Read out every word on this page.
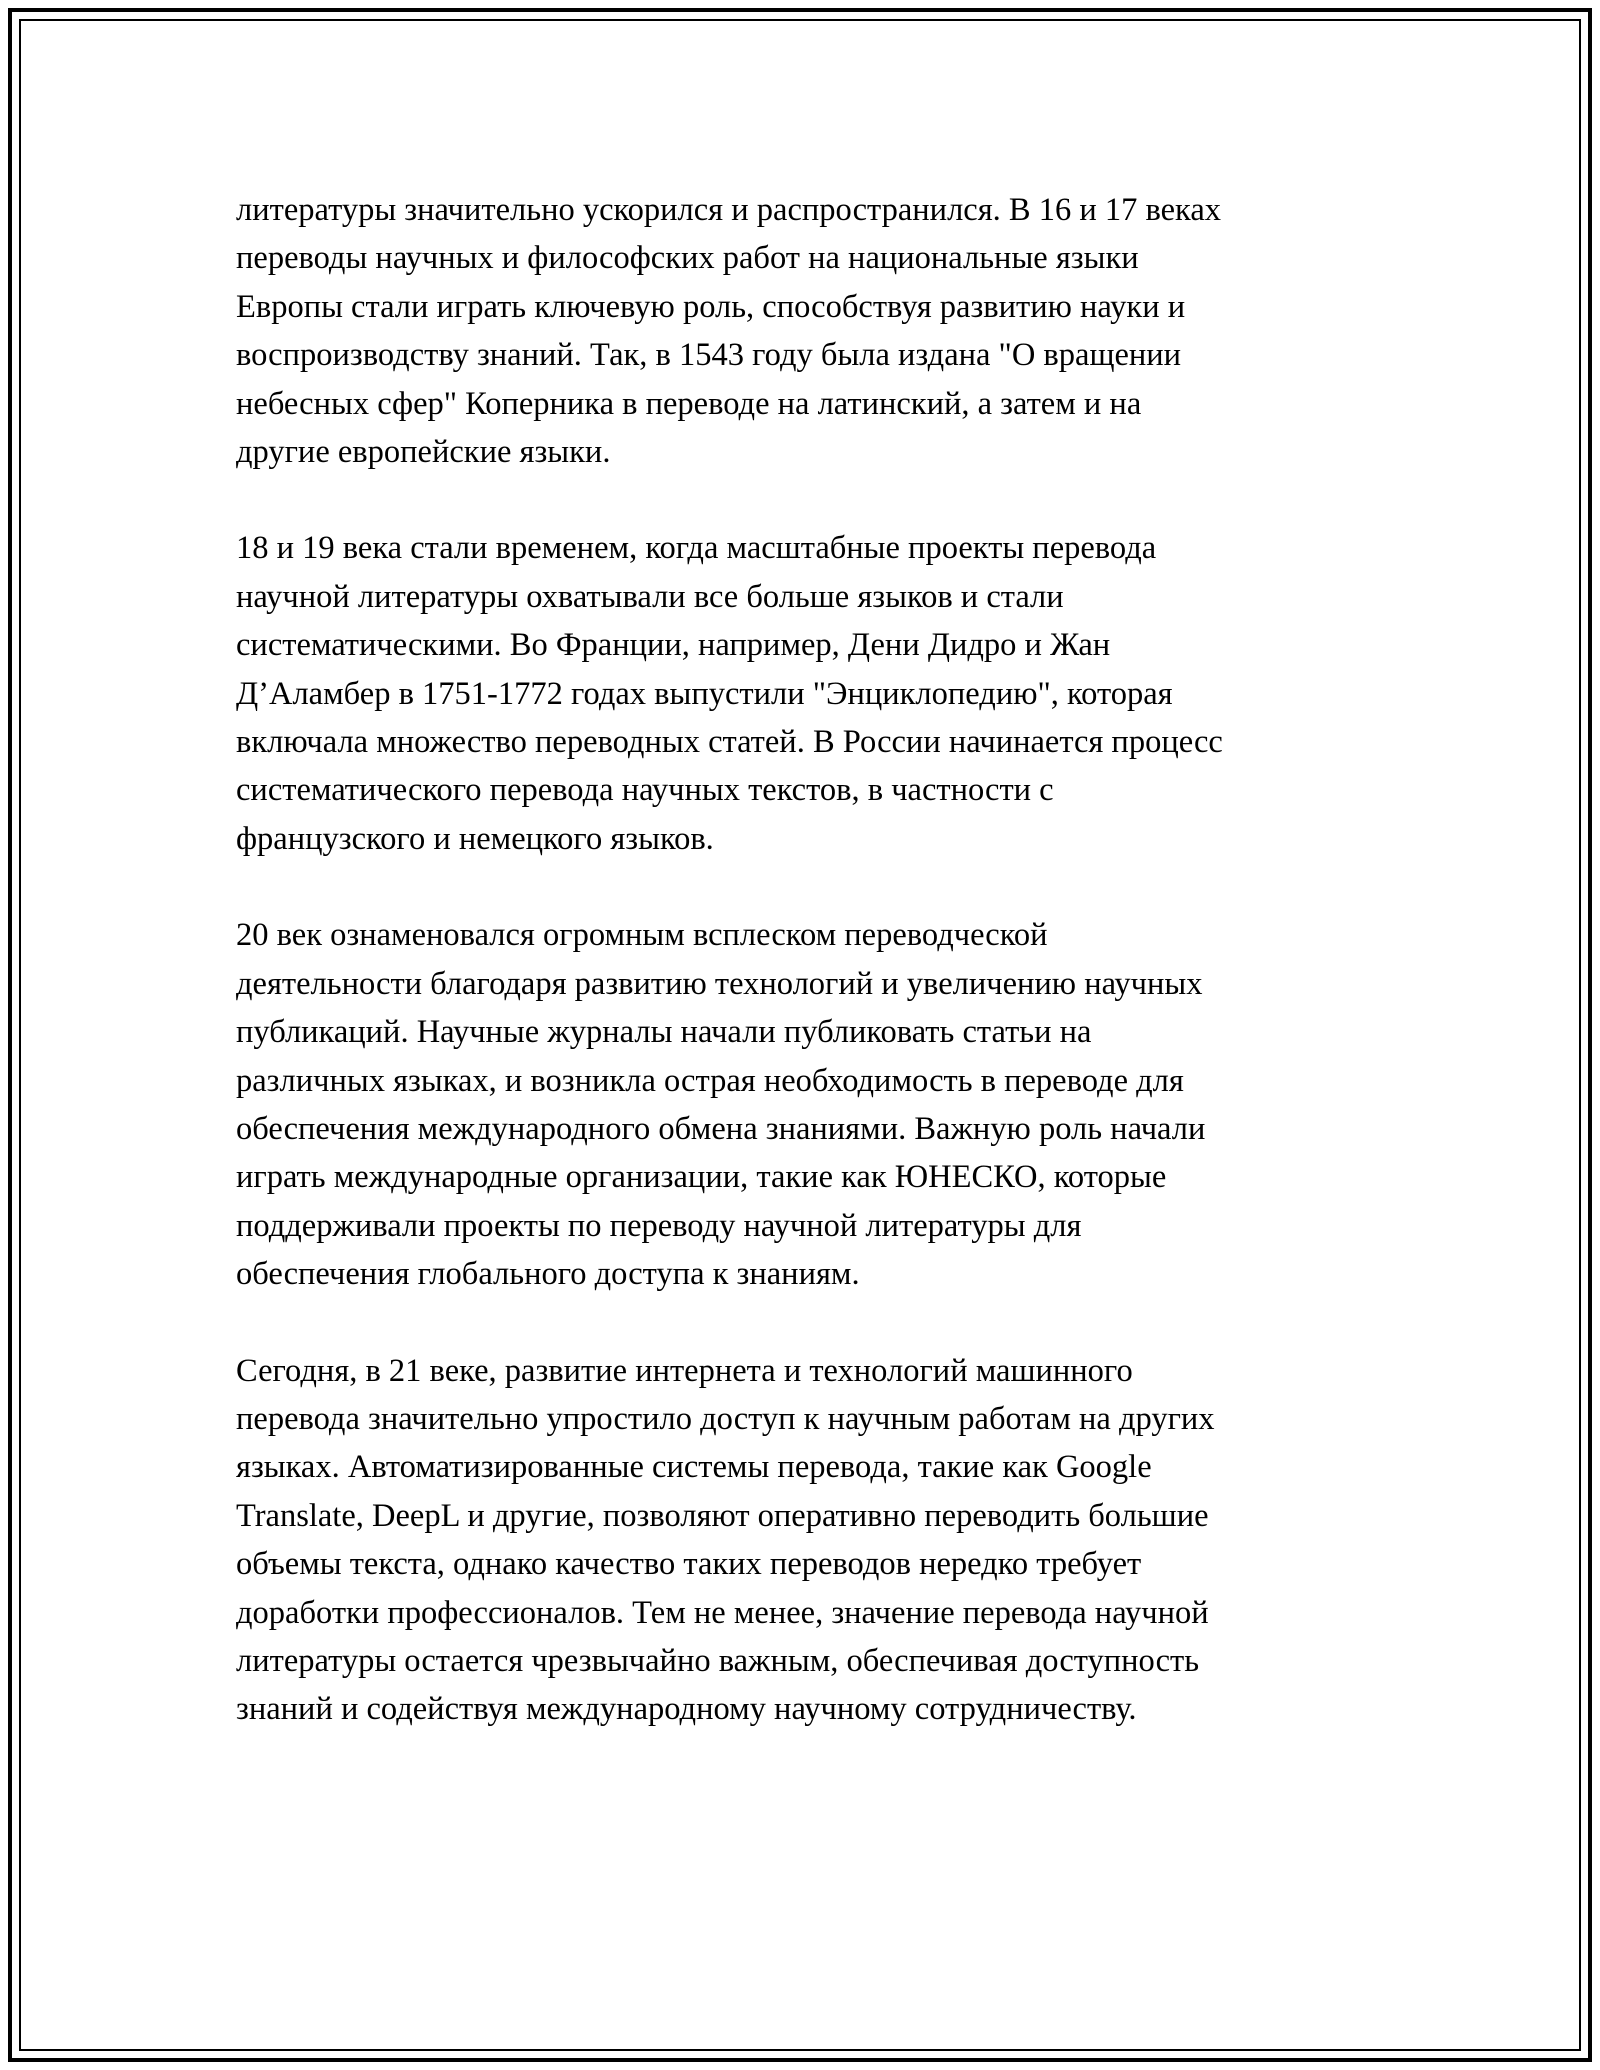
литературы значительно ускорился и распространился. В 16 и 17 веках
переводы научных и философских работ на национальные языки
Европы стали играть ключевую роль, способствуя развитию науки и
воспроизводству знаний. Так, в 1543 году была издана "О вращении
небесных сфер" Коперника в переводе на латинский, а затем и на
другие европейские языки.

18 и 19 века стали временем, когда масштабные проекты перевода
научной литературы охватывали все больше языков и стали
систематическими. Во Франции, например, Дени Дидро и Жан
Д’Аламбер в 1751-1772 годах выпустили "Энциклопедию", которая
включала множество переводных статей. В России начинается процесс
систематического перевода научных текстов, в частности с
французского и немецкого языков.

20 век ознаменовался огромным всплеском переводческой
деятельности благодаря развитию технологий и увеличению научных
публикаций. Научные журналы начали публиковать статьи на
различных языках, и возникла острая необходимость в переводе для
обеспечения международного обмена знаниями. Важную роль начали
играть международные организации, такие как ЮНЕСКО, которые
поддерживали проекты по переводу научной литературы для
обеспечения глобального доступа к знаниям.

Сегодня, в 21 веке, развитие интернета и технологий машинного
перевода значительно упростило доступ к научным работам на других
языках. Автоматизированные системы перевода, такие как Google
Translate, DeepL и другие, позволяют оперативно переводить большие
объемы текста, однако качество таких переводов нередко требует
доработки профессионалов. Тем не менее, значение перевода научной
литературы остается чрезвычайно важным, обеспечивая доступность
знаний и содействуя международному научному сотрудничеству.
